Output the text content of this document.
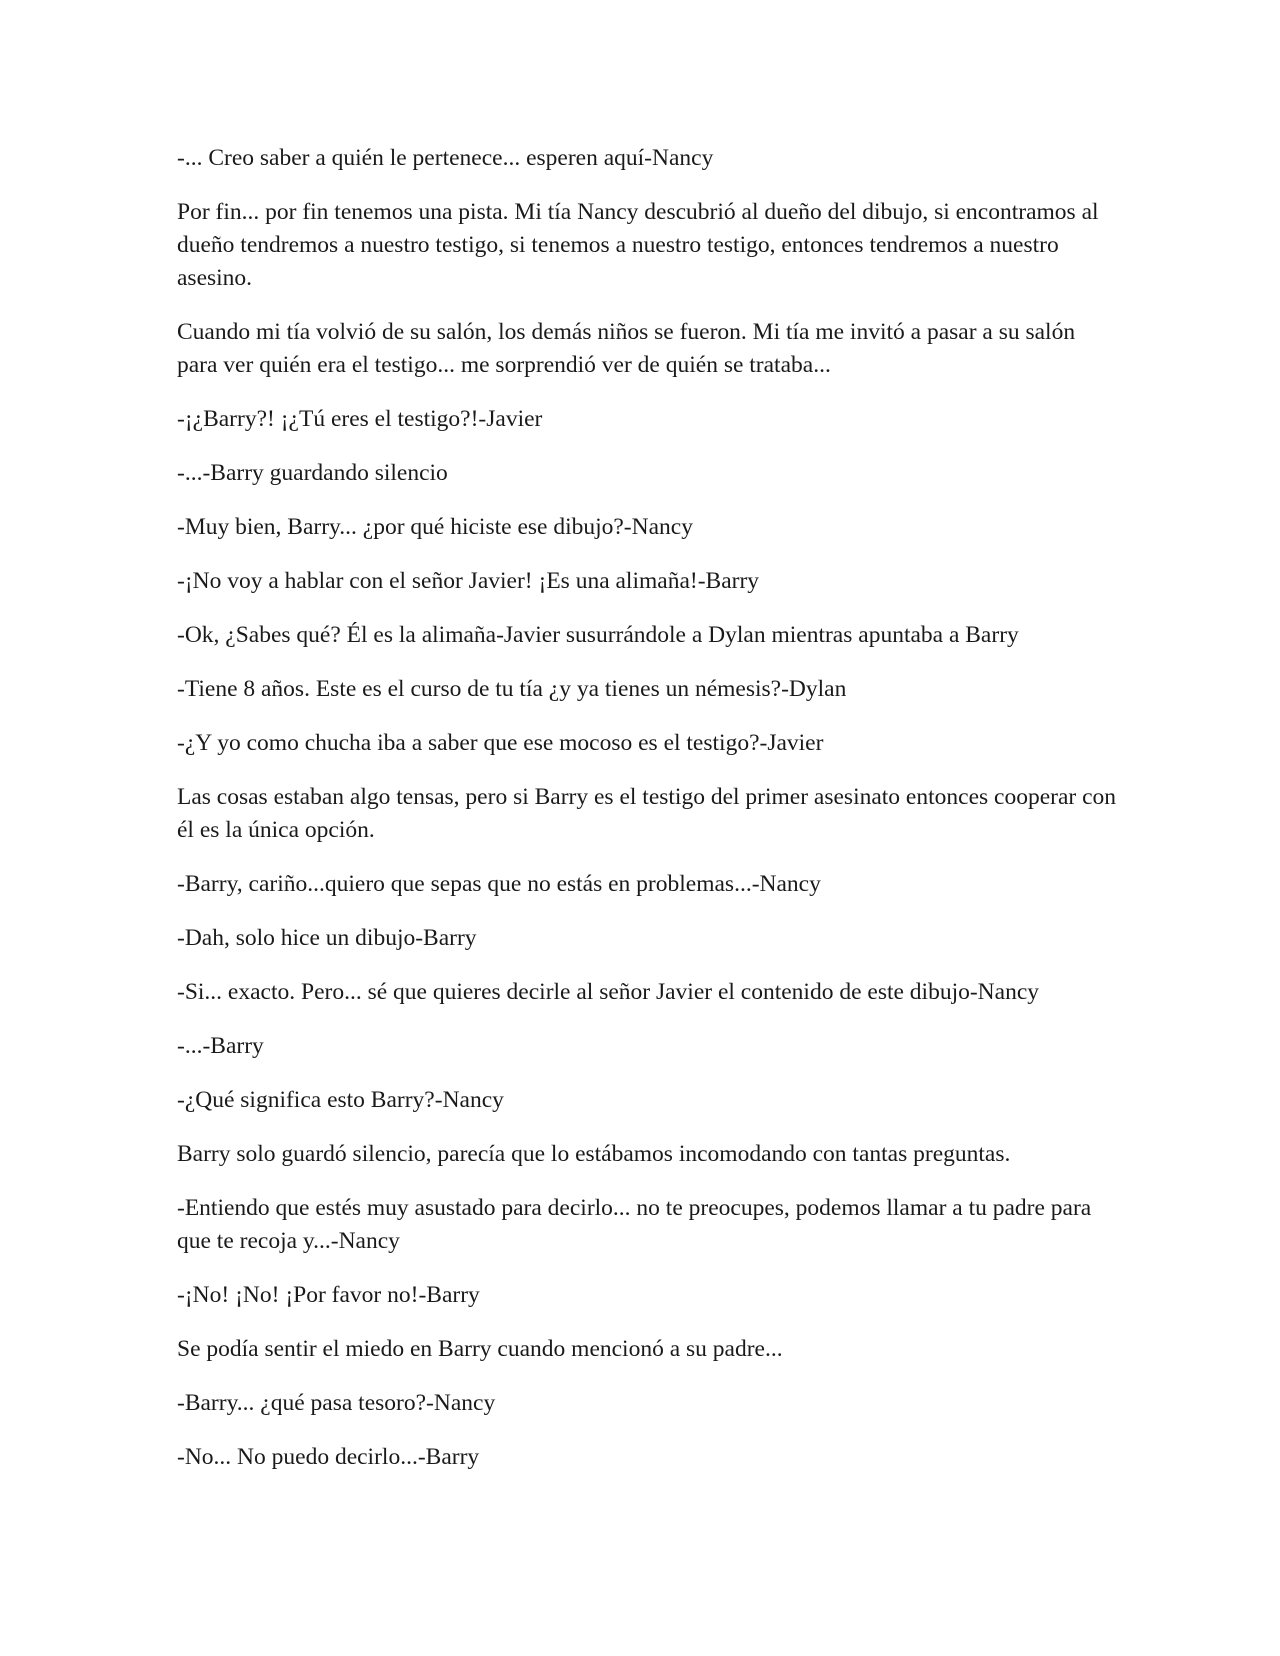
-... Creo saber a quién le pertenece... esperen aquí-Nancy

Por fin... por fin tenemos una pista. Mi tía Nancy descubrió al dueño del dibujo, si encontramos al dueño tendremos a nuestro testigo, si tenemos a nuestro testigo, entonces tendremos a nuestro asesino.

Cuando mi tía volvió de su salón, los demás niños se fueron. Mi tía me invitó a pasar a su salón para ver quién era el testigo... me sorprendió ver de quién se trataba...

-¡¿Barry?! ¡¿Tú eres el testigo?!-Javier

-...-Barry guardando silencio

-Muy bien, Barry... ¿por qué hiciste ese dibujo?-Nancy

-¡No voy a hablar con el señor Javier! ¡Es una alimaña!-Barry

-Ok, ¿Sabes qué? Él es la alimaña-Javier susurrándole a Dylan mientras apuntaba a Barry

-Tiene 8 años. Este es el curso de tu tía ¿y ya tienes un némesis?-Dylan

-¿Y yo como chucha iba a saber que ese mocoso es el testigo?-Javier

Las cosas estaban algo tensas, pero si Barry es el testigo del primer asesinato entonces cooperar con él es la única opción.

-Barry, cariño...quiero que sepas que no estás en problemas...-Nancy

-Dah, solo hice un dibujo-Barry

-Si... exacto. Pero... sé que quieres decirle al señor Javier el contenido de este dibujo-Nancy

-...-Barry

-¿Qué significa esto Barry?-Nancy

Barry solo guardó silencio, parecía que lo estábamos incomodando con tantas preguntas.

-Entiendo que estés muy asustado para decirlo... no te preocupes, podemos llamar a tu padre para que te recoja y...-Nancy

-¡No! ¡No! ¡Por favor no!-Barry

Se podía sentir el miedo en Barry cuando mencionó a su padre...

-Barry... ¿qué pasa tesoro?-Nancy

-No... No puedo decirlo...-Barry
